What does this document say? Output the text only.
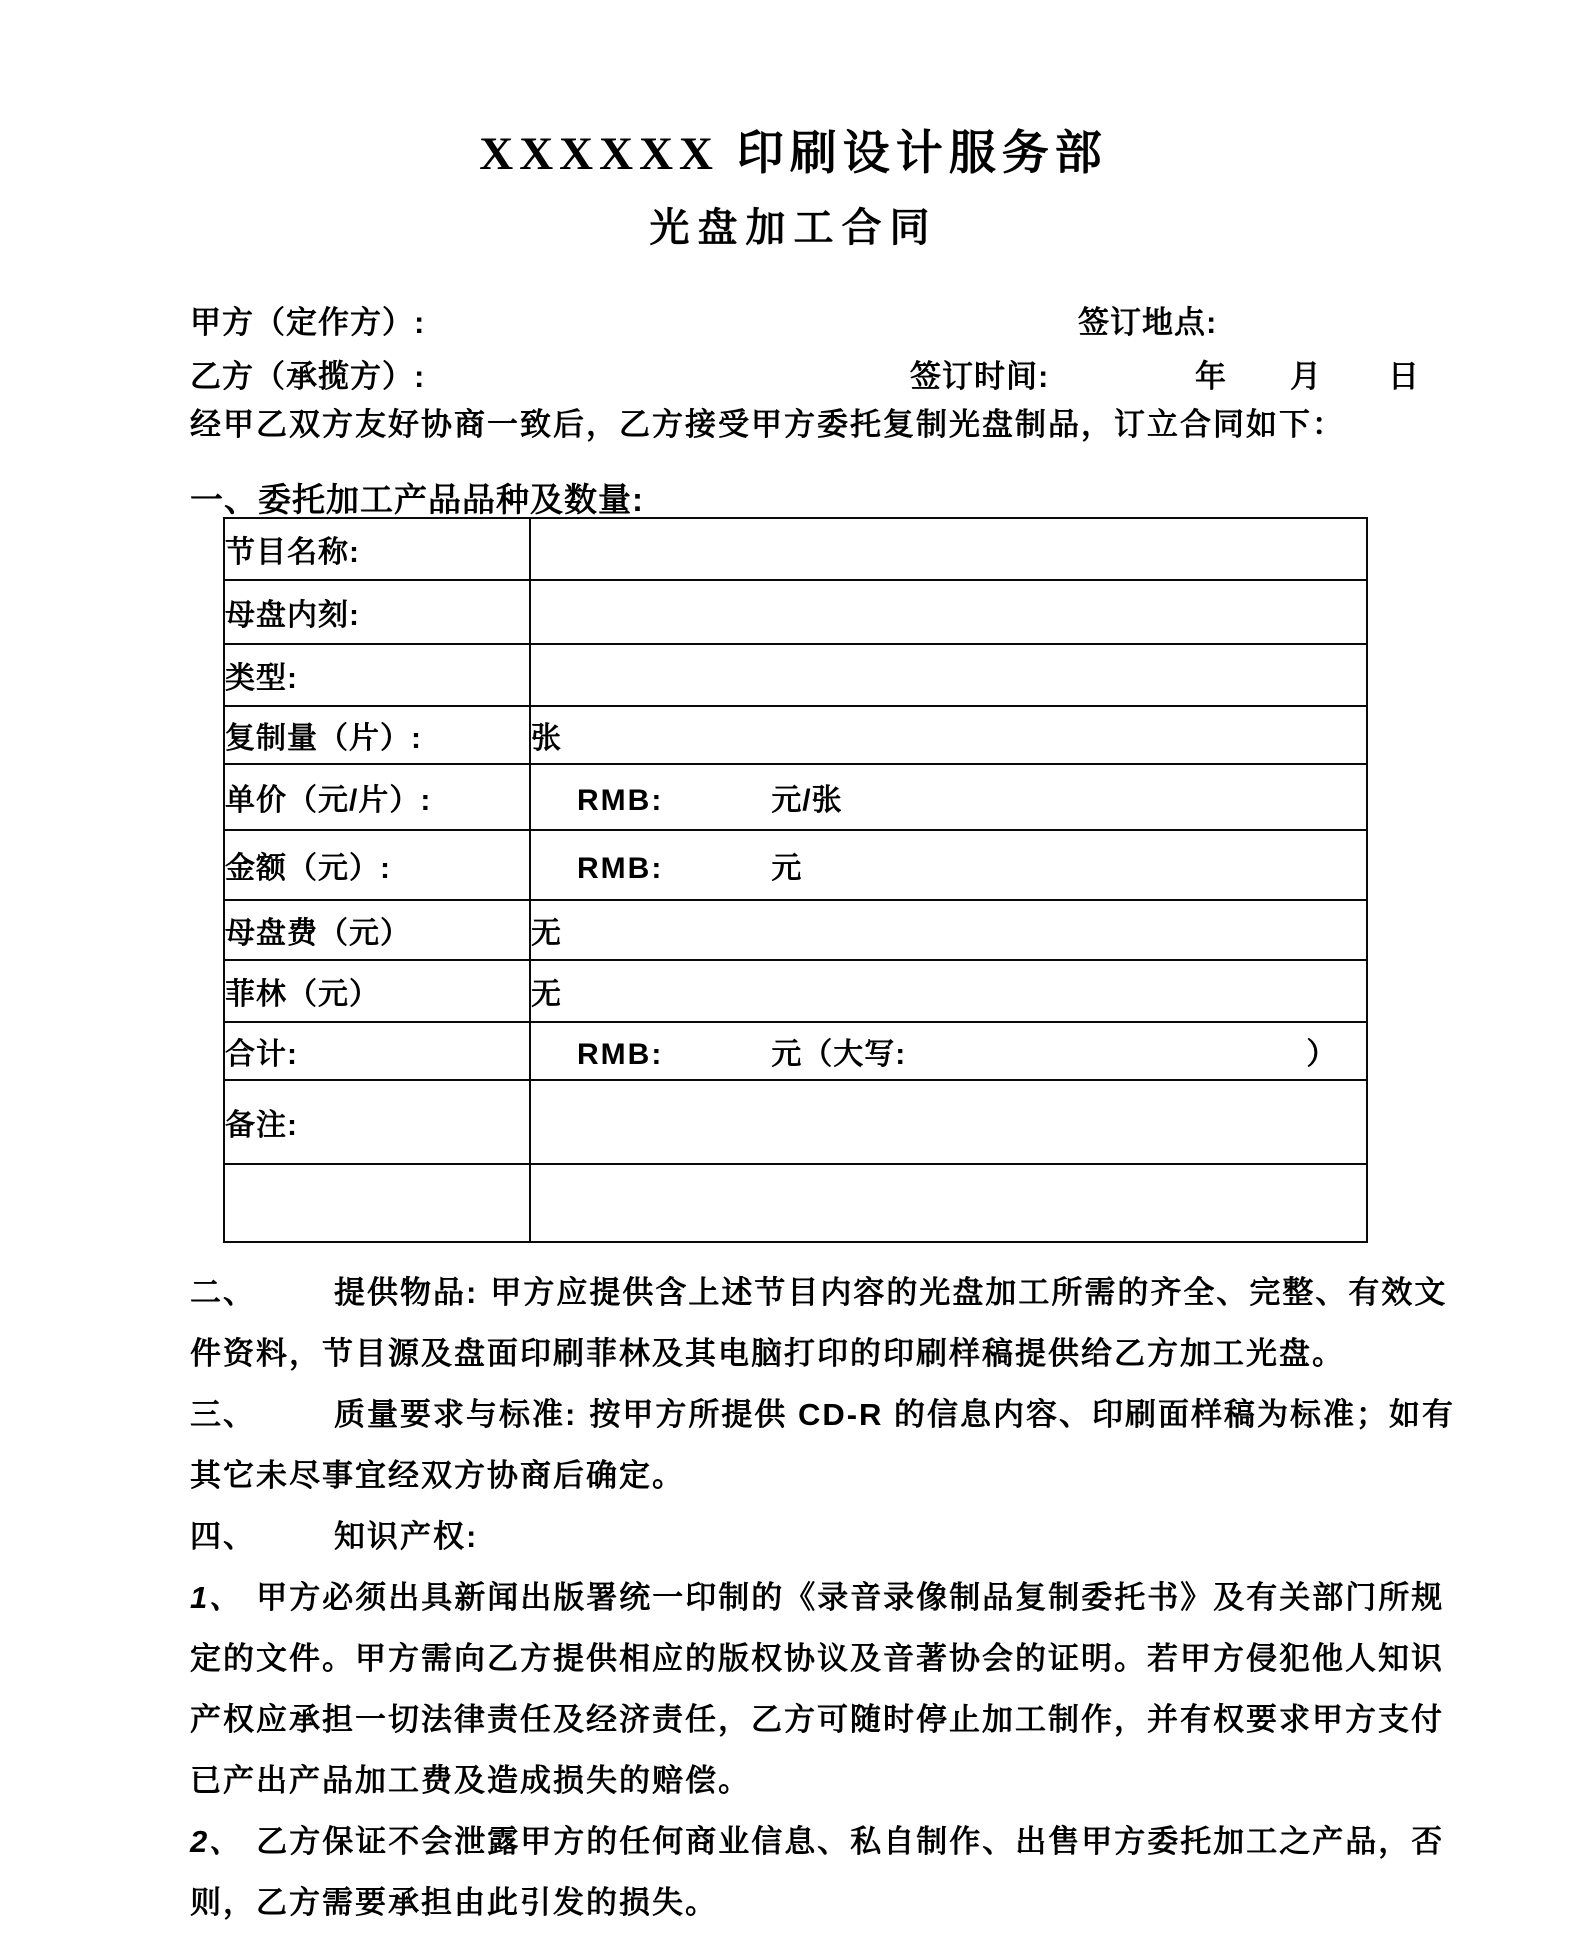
XXXXXX 印刷设计服务部
光盘加工合同
甲方（定作方）:	签订地点:
乙方（承揽方）:	签订时间:	年 月 日
经甲乙双方友好协商一致后，乙方接受甲方委托复制光盘制品，订立合同如下：
一、委托加工产品品种及数量:
节目名称:	
母盘内刻:	
类型:	
复制量（片）:	张
单价（元/片）:	RMB: 元/张
金额（元）:	RMB: 元
母盘费（元）	无
菲林（元）	无
合计:	RMB: 元（大写: ）
备注:	

二、	提供物品: 甲方应提供含上述节目内容的光盘加工所需的齐全、完整、有效文
件资料，节目源及盘面印刷菲林及其电脑打印的印刷样稿提供给乙方加工光盘。
三、	质量要求与标准: 按甲方所提供 CD-R 的信息内容、印刷面样稿为标准；如有
其它未尽事宜经双方协商后确定。
四、	知识产权:
1、 甲方必须出具新闻出版署统一印制的《录音录像制品复制委托书》及有关部门所规
定的文件。甲方需向乙方提供相应的版权协议及音著协会的证明。若甲方侵犯他人知识
产权应承担一切法律责任及经济责任，乙方可随时停止加工制作，并有权要求甲方支付
已产出产品加工费及造成损失的赔偿。
2、 乙方保证不会泄露甲方的任何商业信息、私自制作、出售甲方委托加工之产品，否
则，乙方需要承担由此引发的损失。
